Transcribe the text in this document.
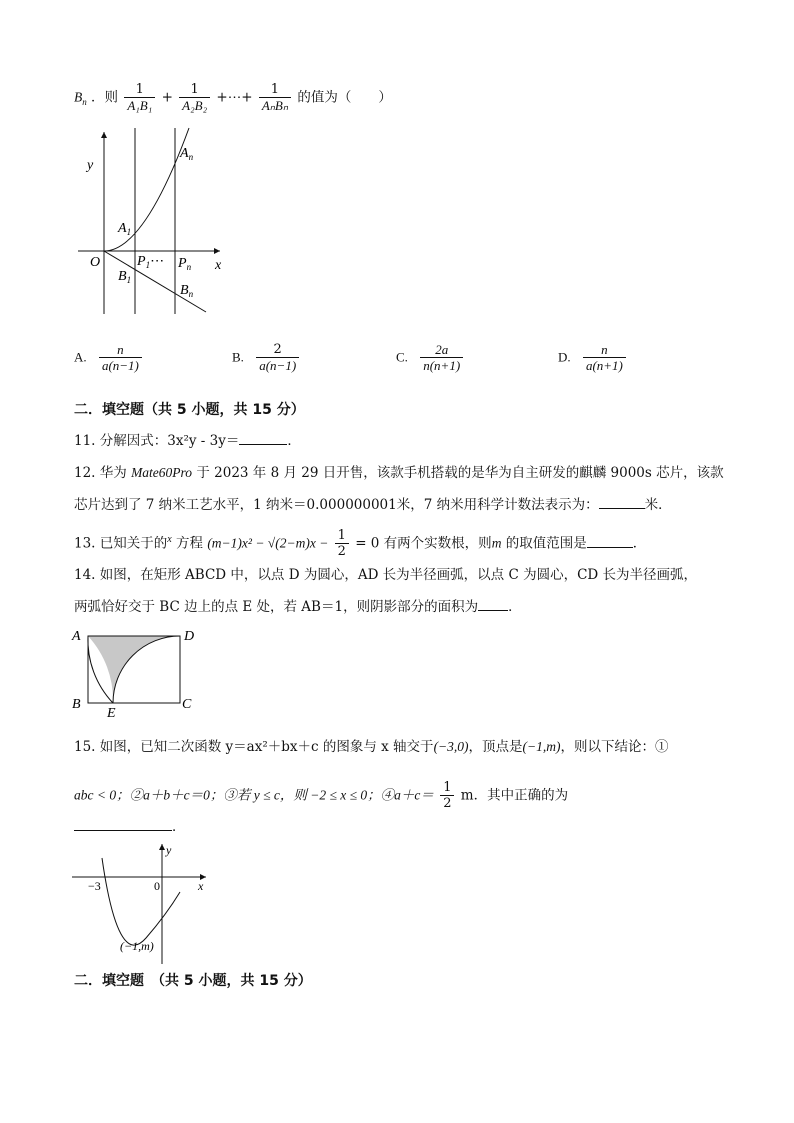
$B_n$ ．则 $\frac{1}{\text{A₁B₁}} + \frac{1}{\text{A₂B₂}}$ +⋯+ $\frac{1}{\text{AₙBₙ}}$ 的值为（　　）
y
x
O
$A_n$
$A_1$
$P_1\cdots$ $P_n$
$B_1$
$B_n$
A. $\frac{n}{a(n-1)}$	B. $\frac{2}{a(n-1)}$	C. $\frac{2a}{n(n+1)}$	D. $\frac{n}{a(n+1)}$
二．填空题（共 5 小题，共 15 分）
11. 分解因式：3x²y - 3y＝	．
12. 华为 Mate60Pro 于 2023 年 8 月 29 日开售，该款手机搭载的是华为自主研发的麒麟 9000s 芯片，该款
芯片达到了 7 纳米工艺水平，1 纳米＝0.000000001米，7 纳米用科学计数法表示为：	米．
13. 已知关于的$^x$ 方程 $(m-1)x^2 - √(2-m)x - \frac{1}{2} = 0$ 有两个实数根，则m 的取值范围是	．
14. 如图，在矩形 ABCD 中，以点 D 为圆心，AD 长为半径画弧，以点 C 为圆心，CD 长为半径画弧，
两弧恰好交于 BC 边上的点 E 处，若 AB＝1，则阴影部分的面积为 ．
A	D
B	C
E
15. 如图，已知二次函数 y＝ax²＋bx＋c 的图象与 x 轴交于(−3,0)，顶点是(−1,m)，则以下结论：①
abc < 0；②a＋b＋c＝0；③若 y ≤ c，则 −2 ≤ x ≤ 0；④a＋c＝ $\frac{1}{2}$ m．其中正确的为
．
y
x
−3	0
(−1,m)
二．填空题　（共 5 小题，共 15 分）
